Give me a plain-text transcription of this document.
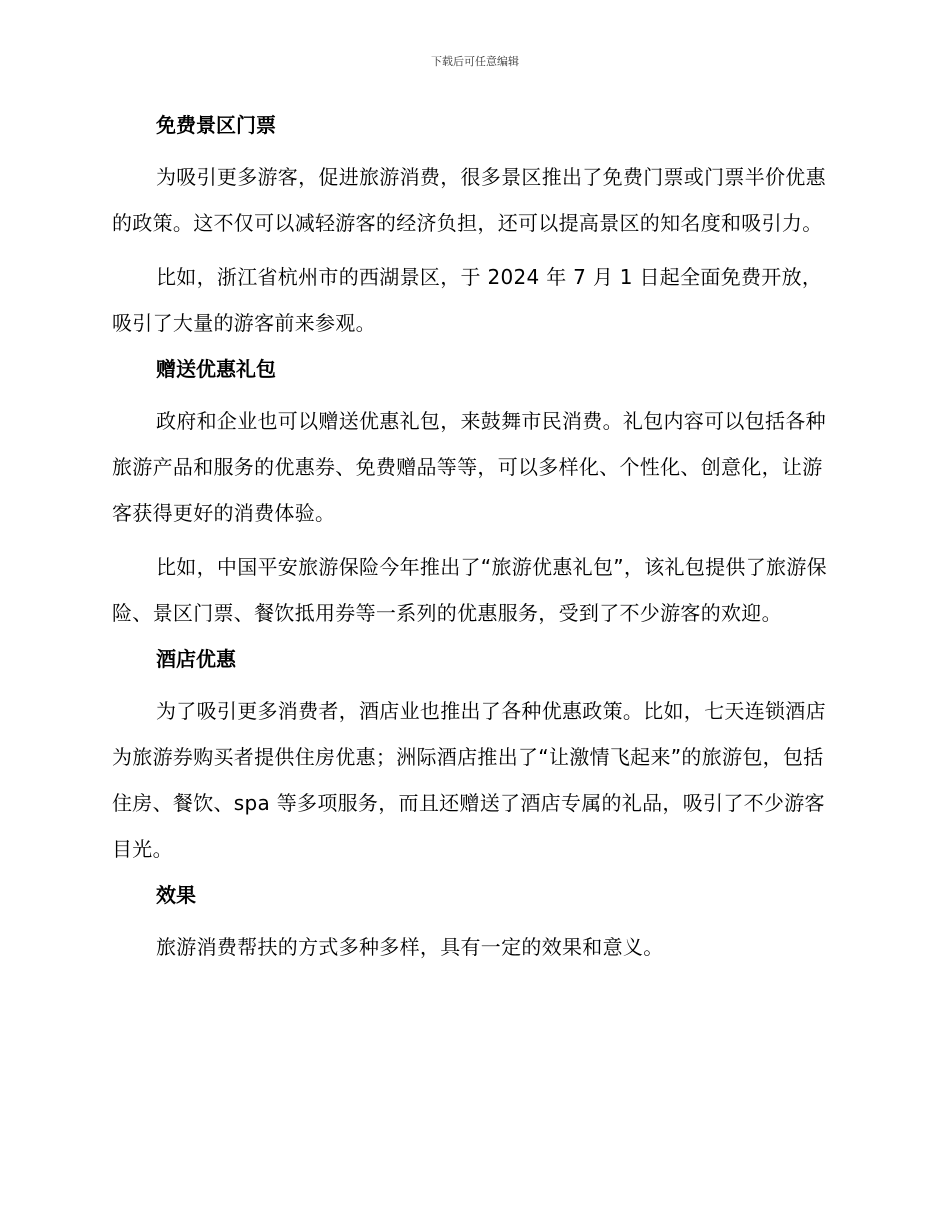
下载后可任意编辑
免费景区门票

为吸引更多游客，促进旅游消费，很多景区推出了免费门票或门票半价优惠的政策。这不仅可以减轻游客的经济负担，还可以提高景区的知名度和吸引力。

比如，浙江省杭州市的西湖景区，于 2024 年 7 月 1 日起全面免费开放，吸引了大量的游客前来参观。

赠送优惠礼包

政府和企业也可以赠送优惠礼包，来鼓舞市民消费。礼包内容可以包括各种旅游产品和服务的优惠券、免费赠品等等，可以多样化、个性化、创意化，让游客获得更好的消费体验。

比如，中国平安旅游保险今年推出了“旅游优惠礼包”，该礼包提供了旅游保险、景区门票、餐饮抵用券等一系列的优惠服务，受到了不少游客的欢迎。

酒店优惠

为了吸引更多消费者，酒店业也推出了各种优惠政策。比如，七天连锁酒店为旅游券购买者提供住房优惠；洲际酒店推出了“让激情飞起来”的旅游包，包括住房、餐饮、spa 等多项服务，而且还赠送了酒店专属的礼品，吸引了不少游客目光。

效果

旅游消费帮扶的方式多种多样，具有一定的效果和意义。
